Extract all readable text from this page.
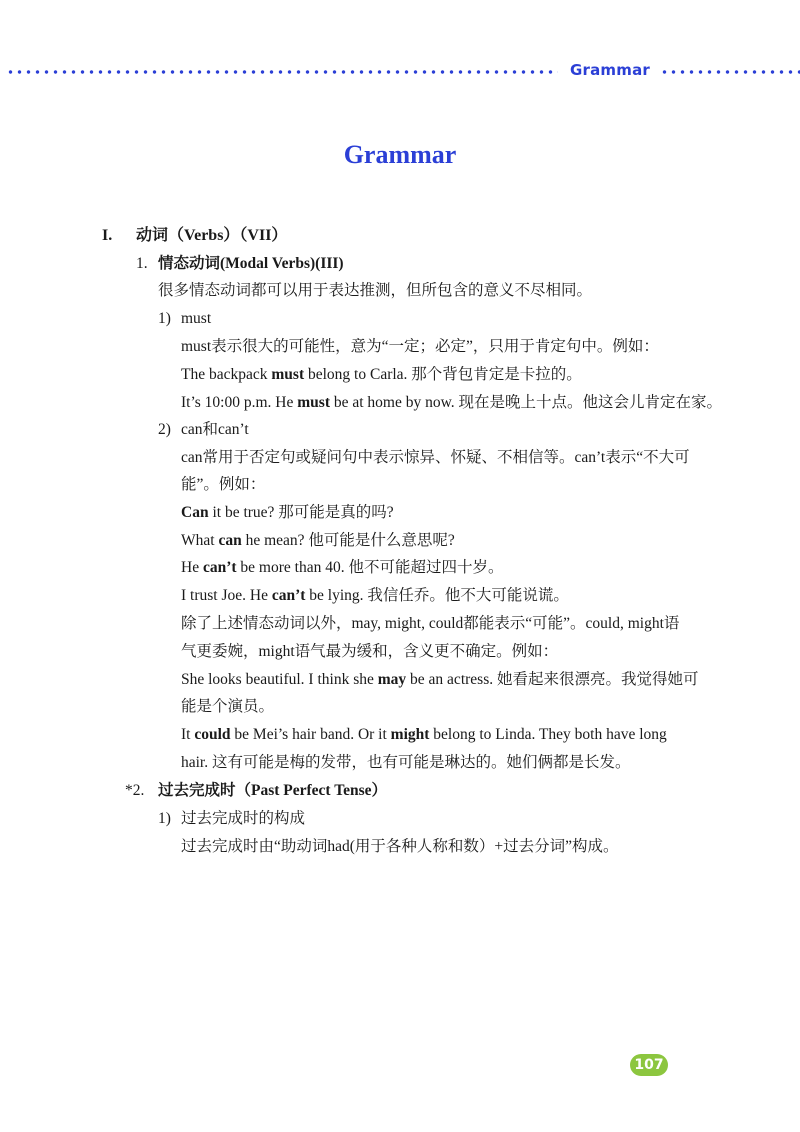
Grammar
Grammar
I. 动词（Verbs）（VII）
1. 情态动词(Modal Verbs)(III)
很多情态动词都可以用于表达推测，但所包含的意义不尽相同。
1) must
must表示很大的可能性，意为“一定；必定”，只用于肯定句中。例如：
The backpack must belong to Carla. 那个背包肯定是卡拉的。
It’s 10:00 p.m. He must be at home by now. 现在是晚上十点。他这会儿肯定在家。
2) can和can’t
can常用于否定句或疑问句中表示惊异、怀疑、不相信等。can’t表示“不大可
能”。例如：
Can it be true? 那可能是真的吗?
What can he mean? 他可能是什么意思呢?
He can’t be more than 40. 他不可能超过四十岁。
I trust Joe. He can’t be lying. 我信任乔。他不大可能说谎。
除了上述情态动词以外，may, might, could都能表示“可能”。could, might语
气更委婉，might语气最为缓和，含义更不确定。例如：
She looks beautiful. I think she may be an actress. 她看起来很漂亮。我觉得她可
能是个演员。
It could be Mei’s hair band. Or it might belong to Linda. They both have long
hair. 这有可能是梅的发带，也有可能是琳达的。她们俩都是长发。
*2. 过去完成时（Past Perfect Tense）
1) 过去完成时的构成
过去完成时由“助动词had(用于各种人称和数）+过去分词”构成。
107
